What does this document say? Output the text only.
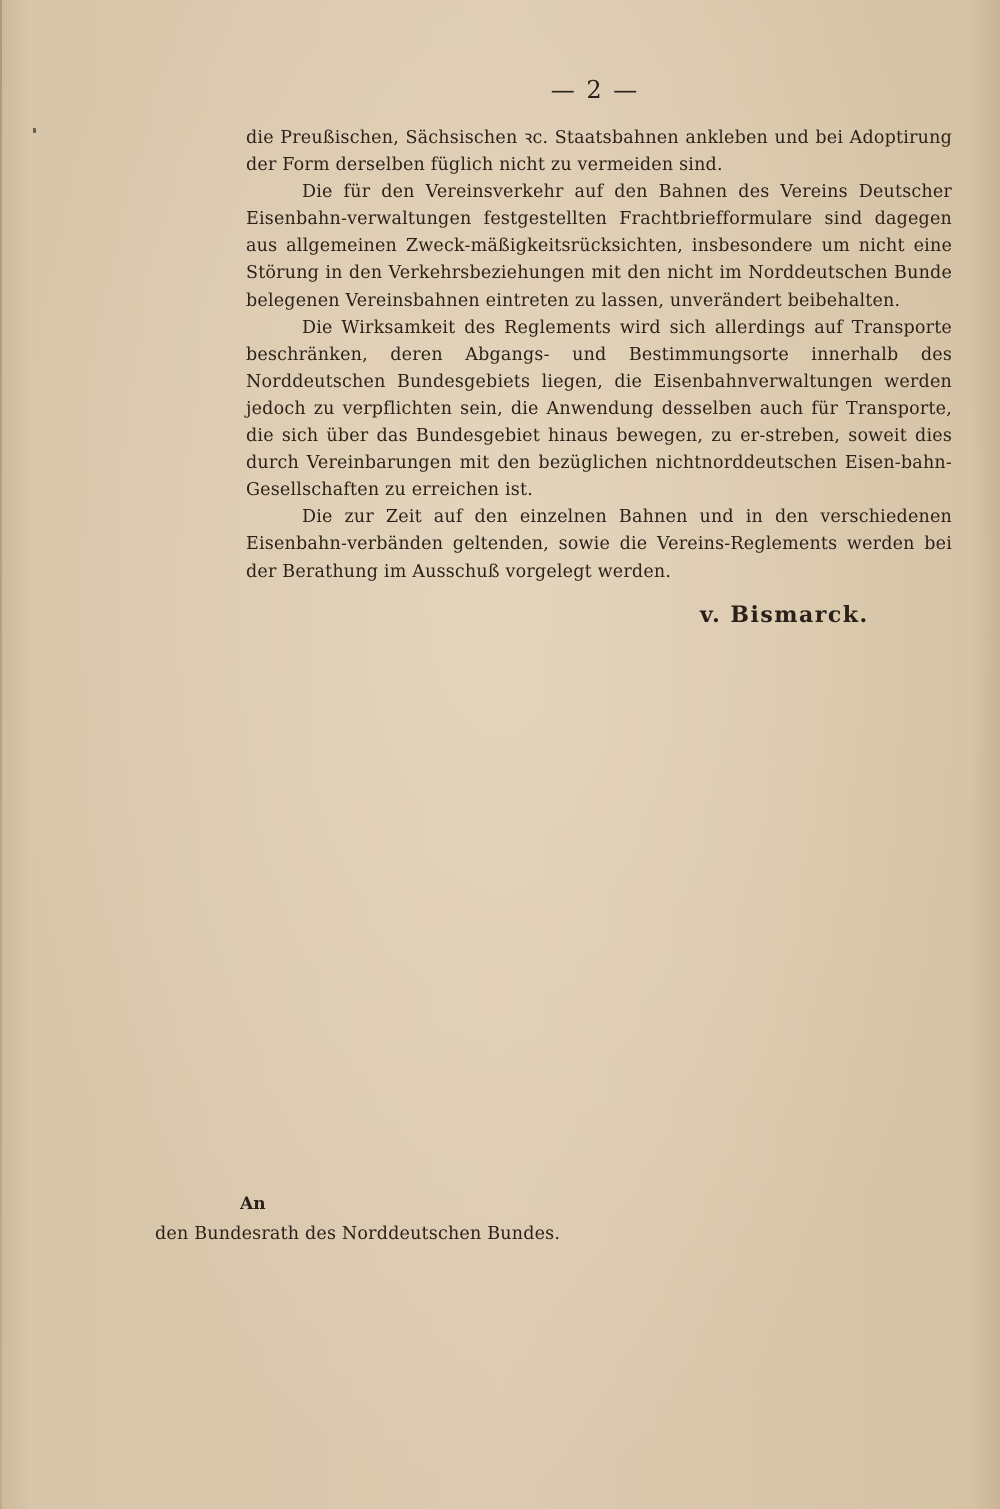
— 2 —

die Preußischen, Sächsischen ꝛc. Staatsbahnen ankleben und bei Adoptirung der Form derselben füglich nicht zu vermeiden sind.

Die für den Vereinsverkehr auf den Bahnen des Vereins Deutscher Eisenbahn-verwaltungen festgestellten Frachtbriefformulare sind dagegen aus allgemeinen Zweck-mäßigkeitsrücksichten, insbesondere um nicht eine Störung in den Verkehrsbeziehungen mit den nicht im Norddeutschen Bunde belegenen Vereinsbahnen eintreten zu lassen, unverändert beibehalten.

Die Wirksamkeit des Reglements wird sich allerdings auf Transporte beschränken, deren Abgangs- und Bestimmungsorte innerhalb des Norddeutschen Bundesgebiets liegen, die Eisenbahnverwaltungen werden jedoch zu verpflichten sein, die Anwendung desselben auch für Transporte, die sich über das Bundesgebiet hinaus bewegen, zu er-streben, soweit dies durch Vereinbarungen mit den bezüglichen nichtnorddeutschen Eisen-bahn-Gesellschaften zu erreichen ist.

Die zur Zeit auf den einzelnen Bahnen und in den verschiedenen Eisenbahn-verbänden geltenden, sowie die Vereins-Reglements werden bei der Berathung im Ausschuß vorgelegt werden.

v. Bismarck.
An
den Bundesrath des Norddeutschen Bundes.
